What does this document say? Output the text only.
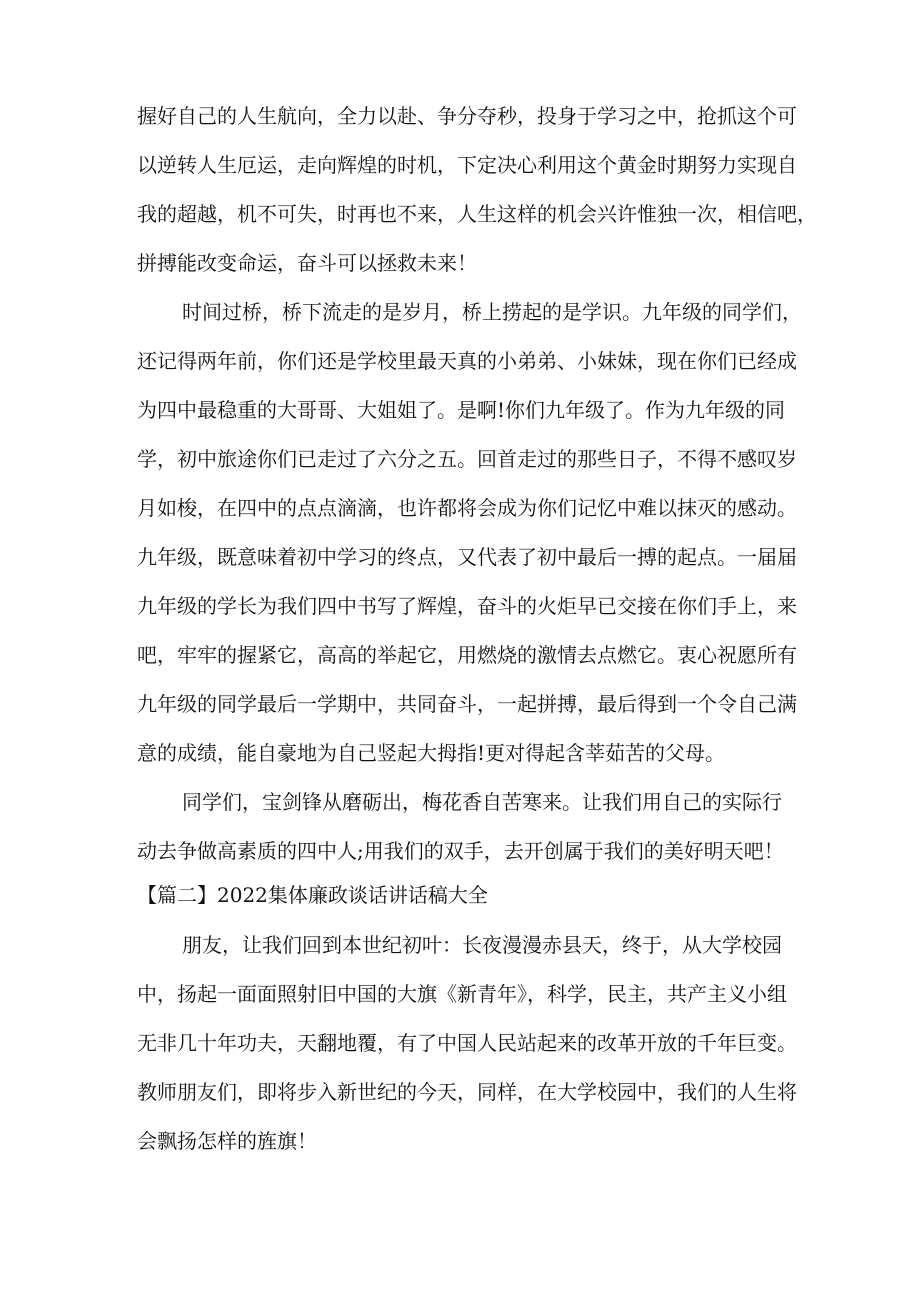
握好自己的人生航向，全力以赴、争分夺秒，投身于学习之中，抢抓这个可
以逆转人生厄运，走向辉煌的时机，下定决心利用这个黄金时期努力实现自
我的超越，机不可失，时再也不来，人生这样的机会兴许惟独一次，相信吧，
拼搏能改变命运，奋斗可以拯救未来！
时间过桥，桥下流走的是岁月，桥上捞起的是学识。九年级的同学们，
还记得两年前，你们还是学校里最天真的小弟弟、小妹妹，现在你们已经成
为四中最稳重的大哥哥、大姐姐了。是啊!你们九年级了。作为九年级的同
学，初中旅途你们已走过了六分之五。回首走过的那些日子，不得不感叹岁
月如梭，在四中的点点滴滴，也许都将会成为你们记忆中难以抹灭的感动。
九年级，既意味着初中学习的终点，又代表了初中最后一搏的起点。一届届
九年级的学长为我们四中书写了辉煌，奋斗的火炬早已交接在你们手上，来
吧，牢牢的握紧它，高高的举起它，用燃烧的激情去点燃它。衷心祝愿所有
九年级的同学最后一学期中，共同奋斗，一起拼搏，最后得到一个令自己满
意的成绩，能自豪地为自己竖起大拇指!更对得起含莘茹苦的父母。
同学们，宝剑锋从磨砺出，梅花香自苦寒来。让我们用自己的实际行
动去争做高素质的四中人;用我们的双手，去开创属于我们的美好明天吧！
【篇二】2022集体廉政谈话讲话稿大全
朋友，让我们回到本世纪初叶：长夜漫漫赤县天，终于，从大学校园
中，扬起一面面照射旧中国的大旗《新青年》，科学，民主，共产主义小组
无非几十年功夫，天翻地覆，有了中国人民站起来的改革开放的千年巨变。
教师朋友们，即将步入新世纪的今天，同样，在大学校园中，我们的人生将
会飘扬怎样的旌旗！
